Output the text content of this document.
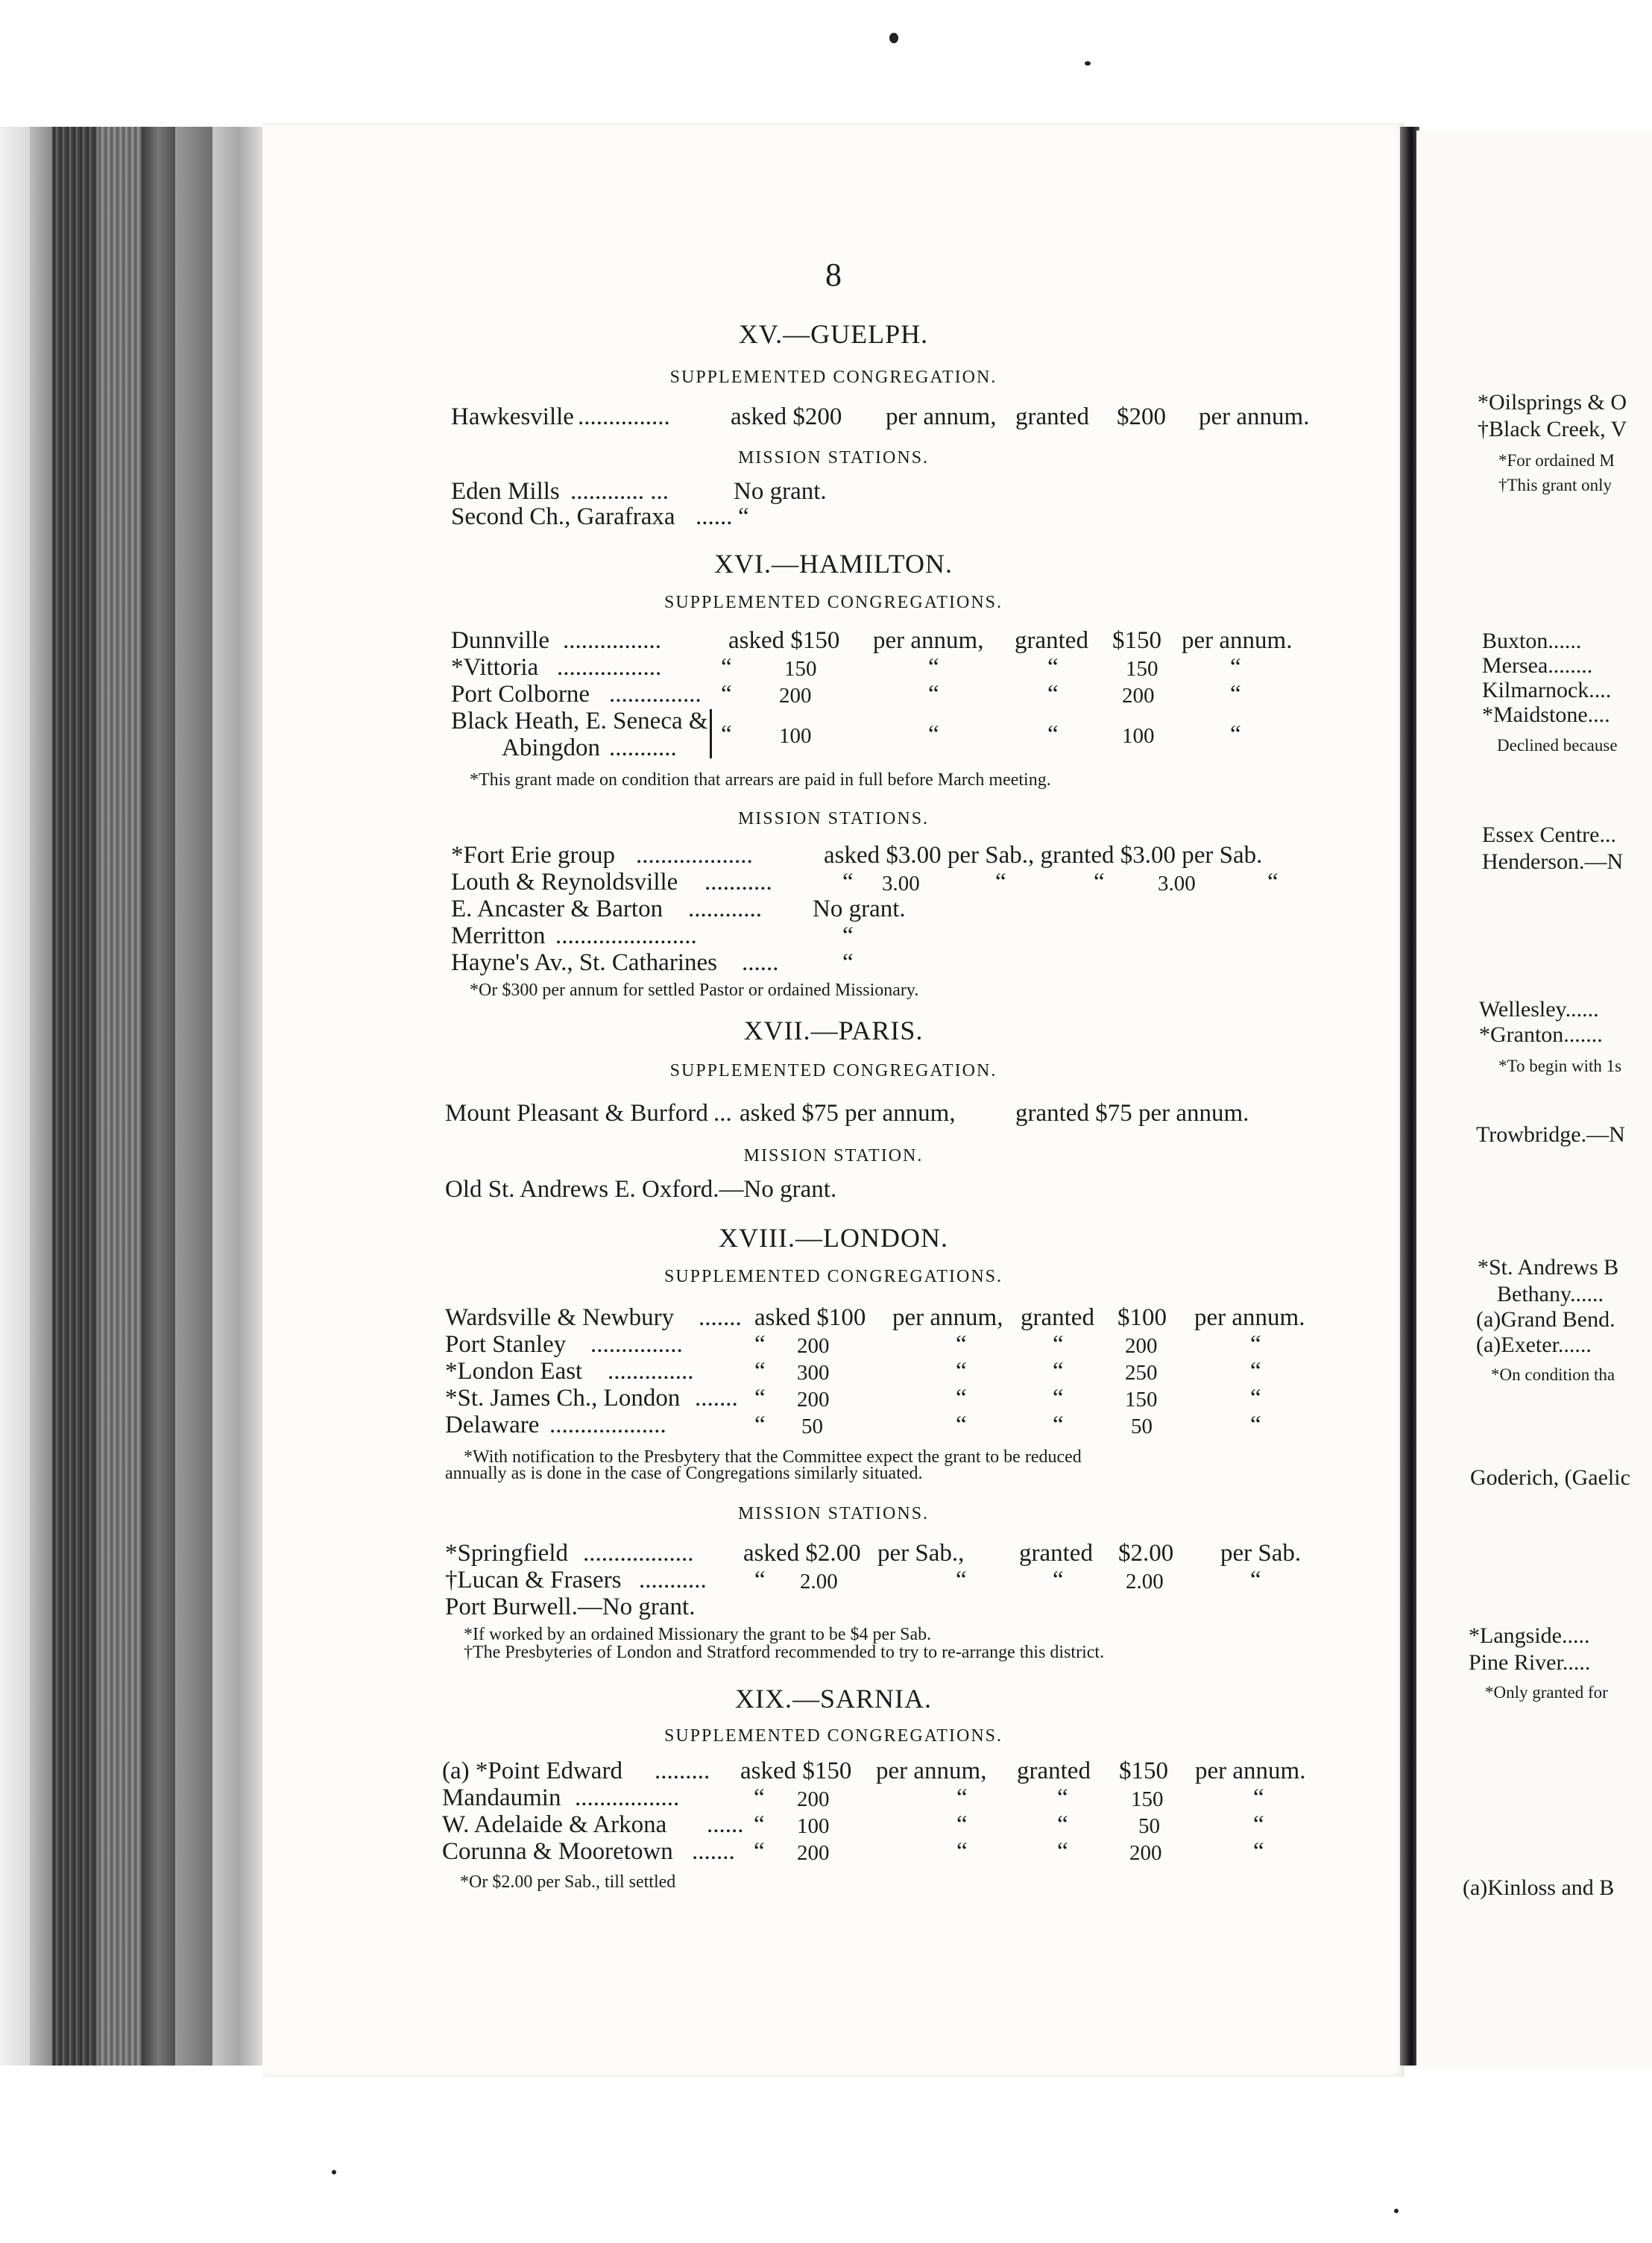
8
XV.—GUELPH.
SUPPLEMENTED CONGREGATION.
Hawkesville ............... asked $200 per annum, granted $200 per annum.
MISSION STATIONS.
Eden Mills ............ ...	No grant.
Second Ch., Garafraxa ...... “
XVI.—HAMILTON.
SUPPLEMENTED CONGREGATIONS.
Dunnville ................	asked $150 per annum, granted $150 per annum.
*Vittoria ................. “ 150	“	“	150	“
Port Colborne ............... “ 200	“	“	200	“
Black Heath, E. Seneca &
Abingdon ........... “ 100	“	“	100	“
*This grant made on condition that arrears are paid in full before March meeting.
MISSION STATIONS.
*Fort Erie group ...................	asked $3.00 per Sab., granted $3.00 per Sab.
Louth & Reynoldsville ...........	“ 3.00	“	“ 3.00	“
E. Ancaster & Barton ............ No grant.
Merritton .......................	“
Hayne's Av., St. Catharines ......	“
*Or $300 per annum for settled Pastor or ordained Missionary.
XVII.—PARIS.
SUPPLEMENTED CONGREGATION.
Mount Pleasant & Burford ... asked $75 per annum, granted $75 per annum.
MISSION STATION.
Old St. Andrews E. Oxford.—No grant.
XVIII.—LONDON.
SUPPLEMENTED CONGREGATIONS.
Wardsville & Newbury ....... asked $100 per annum, granted $100 per annum.
Port Stanley ...............	“ 200	“	“	200	“
*London East .............. “ 300	“	“	250	“
*St. James Ch., London ....... “ 200	“	“	150	“
Delaware ...................	“ 50	“	“	50	“
*With notification to the Presbytery that the Committee expect the grant to be reduced
annually as is done in the case of Congregations similarly situated.
MISSION STATIONS.
*Springfield .................. asked $2.00 per Sab., granted $2.00 per Sab.
†Lucan & Frasers ........... “ 2.00	“	“	2.00	“
Port Burwell.—No grant.
*If worked by an ordained Missionary the grant to be $4 per Sab.
†The Presbyteries of London and Stratford recommended to try to re-arrange this district.
XIX.—SARNIA.
SUPPLEMENTED CONGREGATIONS.
(a) *Point Edward ......... asked $150 per annum, granted $150 per annum.
Mandaumin .................	“ 200	“	“	150	“
W. Adelaide & Arkona ...... “ 100	“	“	50	“
Corunna & Mooretown ....... “ 200	“	“	200	“
*Or $2.00 per Sab., till settled
*Oilsprings & O
†Black Creek, V
*For ordained M
†This grant only
Buxton......
Mersea........
Kilmarnock....
*Maidstone....
Declined because
Essex Centre...
Henderson.—N
Wellesley......
*Granton.......
*To begin with 1s
Trowbridge.—N
*St. Andrews B
Bethany......
(a)Grand Bend.
(a)Exeter......
*On condition tha
Goderich, (Gaelic
*Langside.....
Pine River.....
*Only granted for
(a)Kinloss and B
